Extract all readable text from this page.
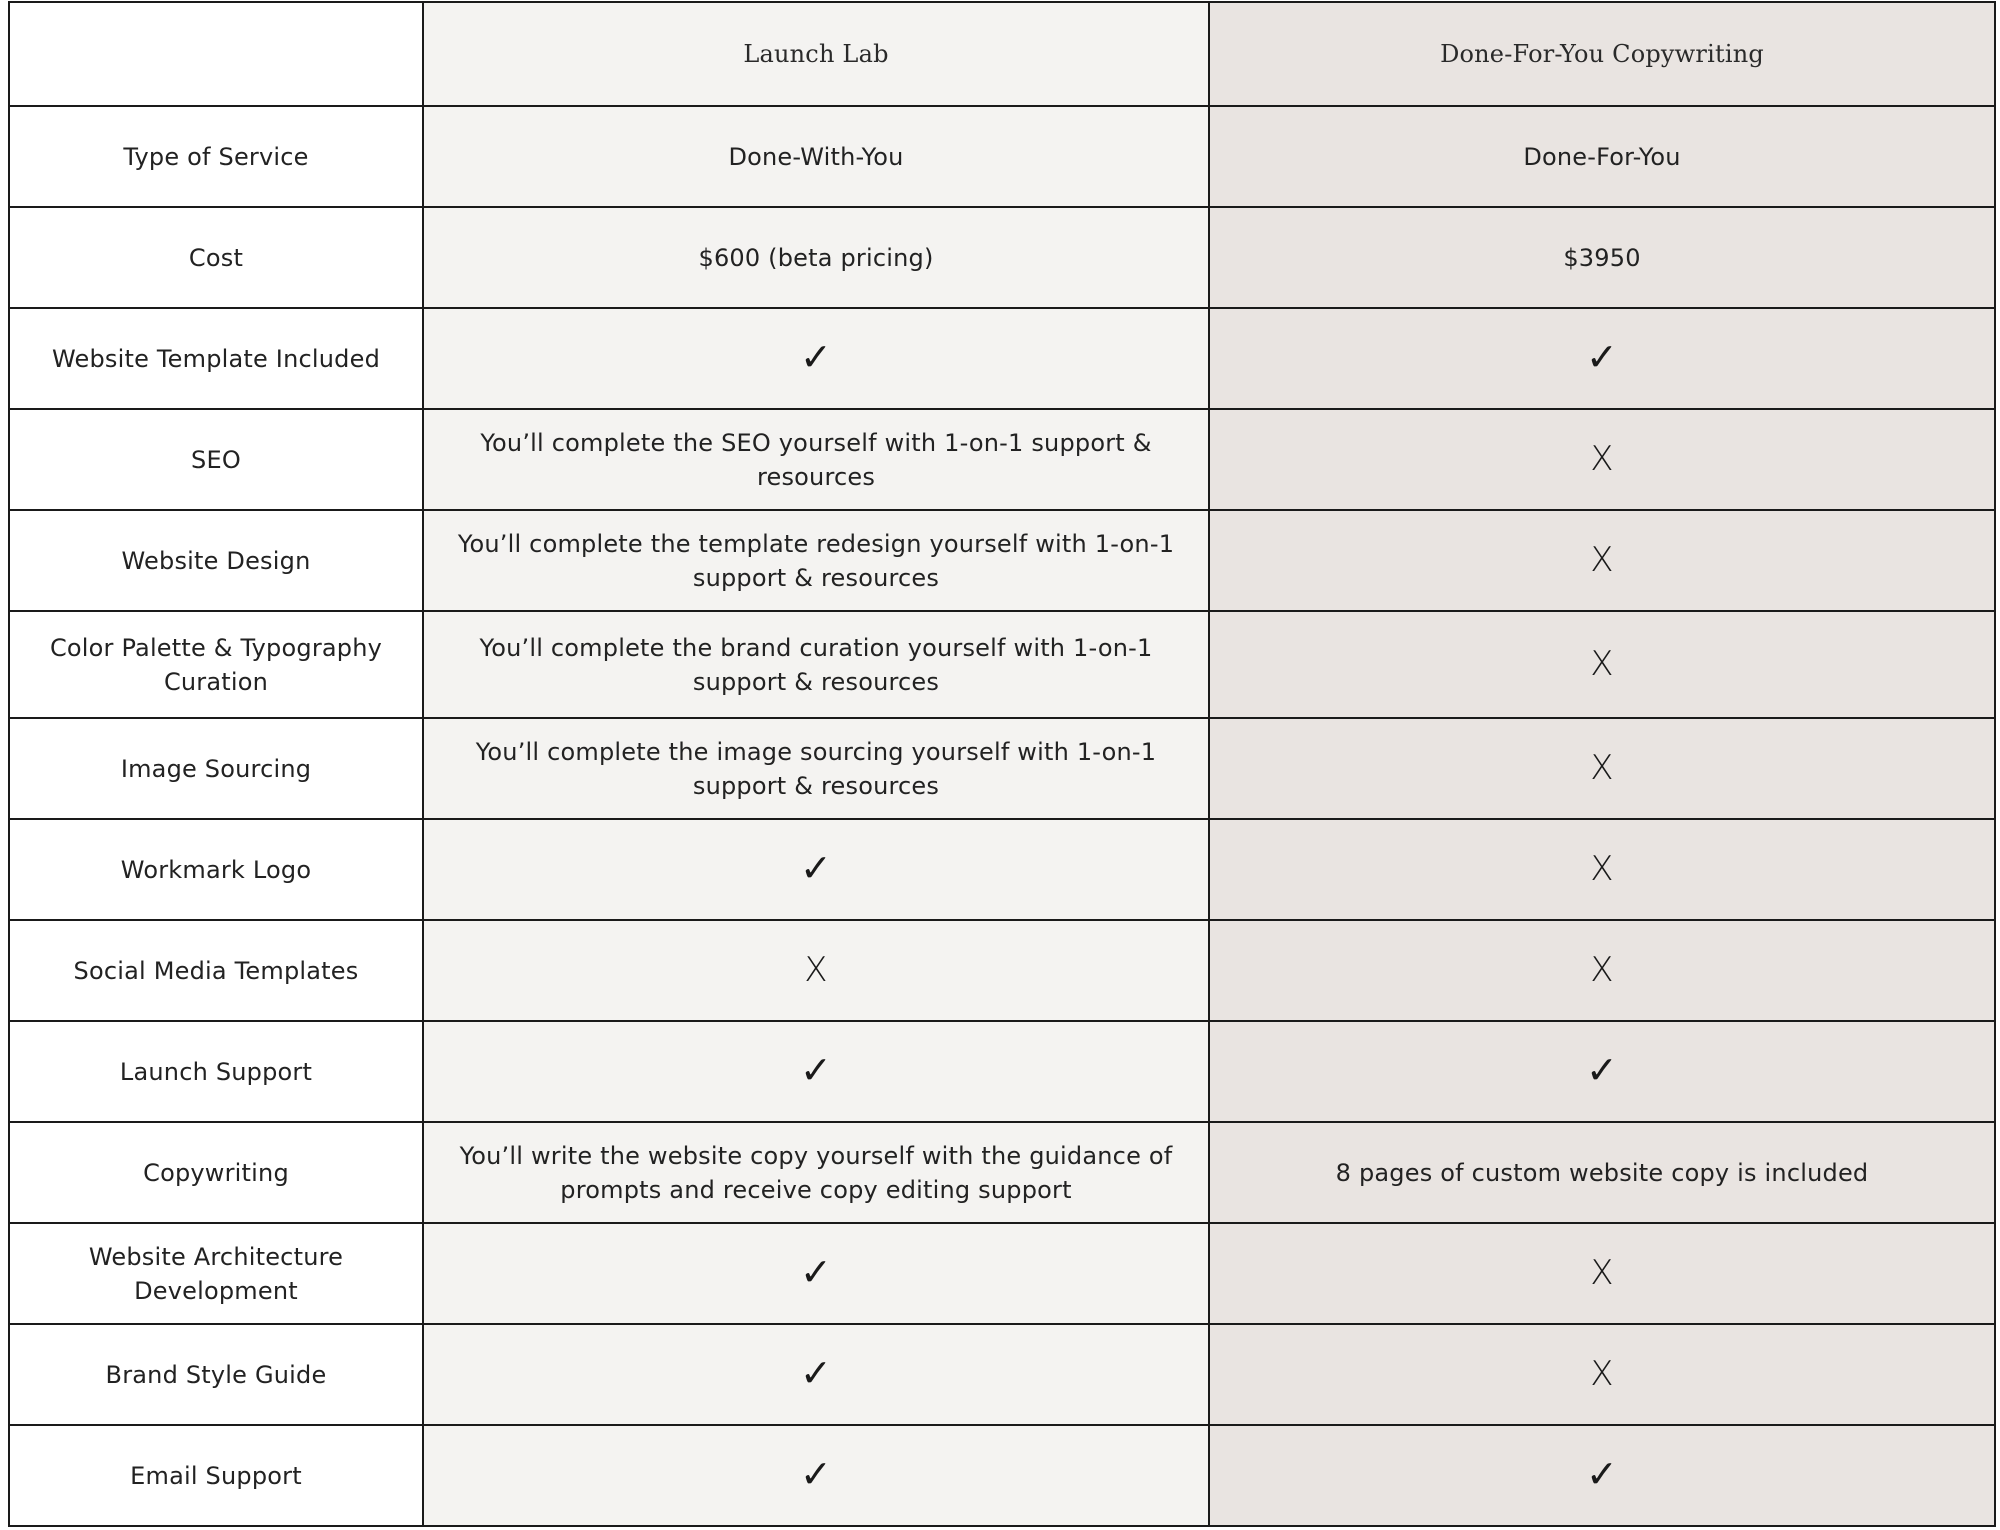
	Launch Lab	Done-For-You Copywriting
Type of Service	Done-With-You	Done-For-You
Cost	$600 (beta pricing)	$3950
Website Template Included	✓	✓
SEO	You’ll complete the SEO yourself with 1-on-1 support & resources	X
Website Design	You’ll complete the template redesign yourself with 1-on-1 support & resources	X
Color Palette & Typography Curation	You’ll complete the brand curation yourself with 1-on-1 support & resources	X
Image Sourcing	You’ll complete the image sourcing yourself with 1-on-1 support & resources	X
Workmark Logo	✓	X
Social Media Templates	X	X
Launch Support	✓	✓
Copywriting	You’ll write the website copy yourself with the guidance of prompts and receive copy editing support	8 pages of custom website copy is included
Website Architecture Development	✓	X
Brand Style Guide	✓	X
Email Support	✓	✓
